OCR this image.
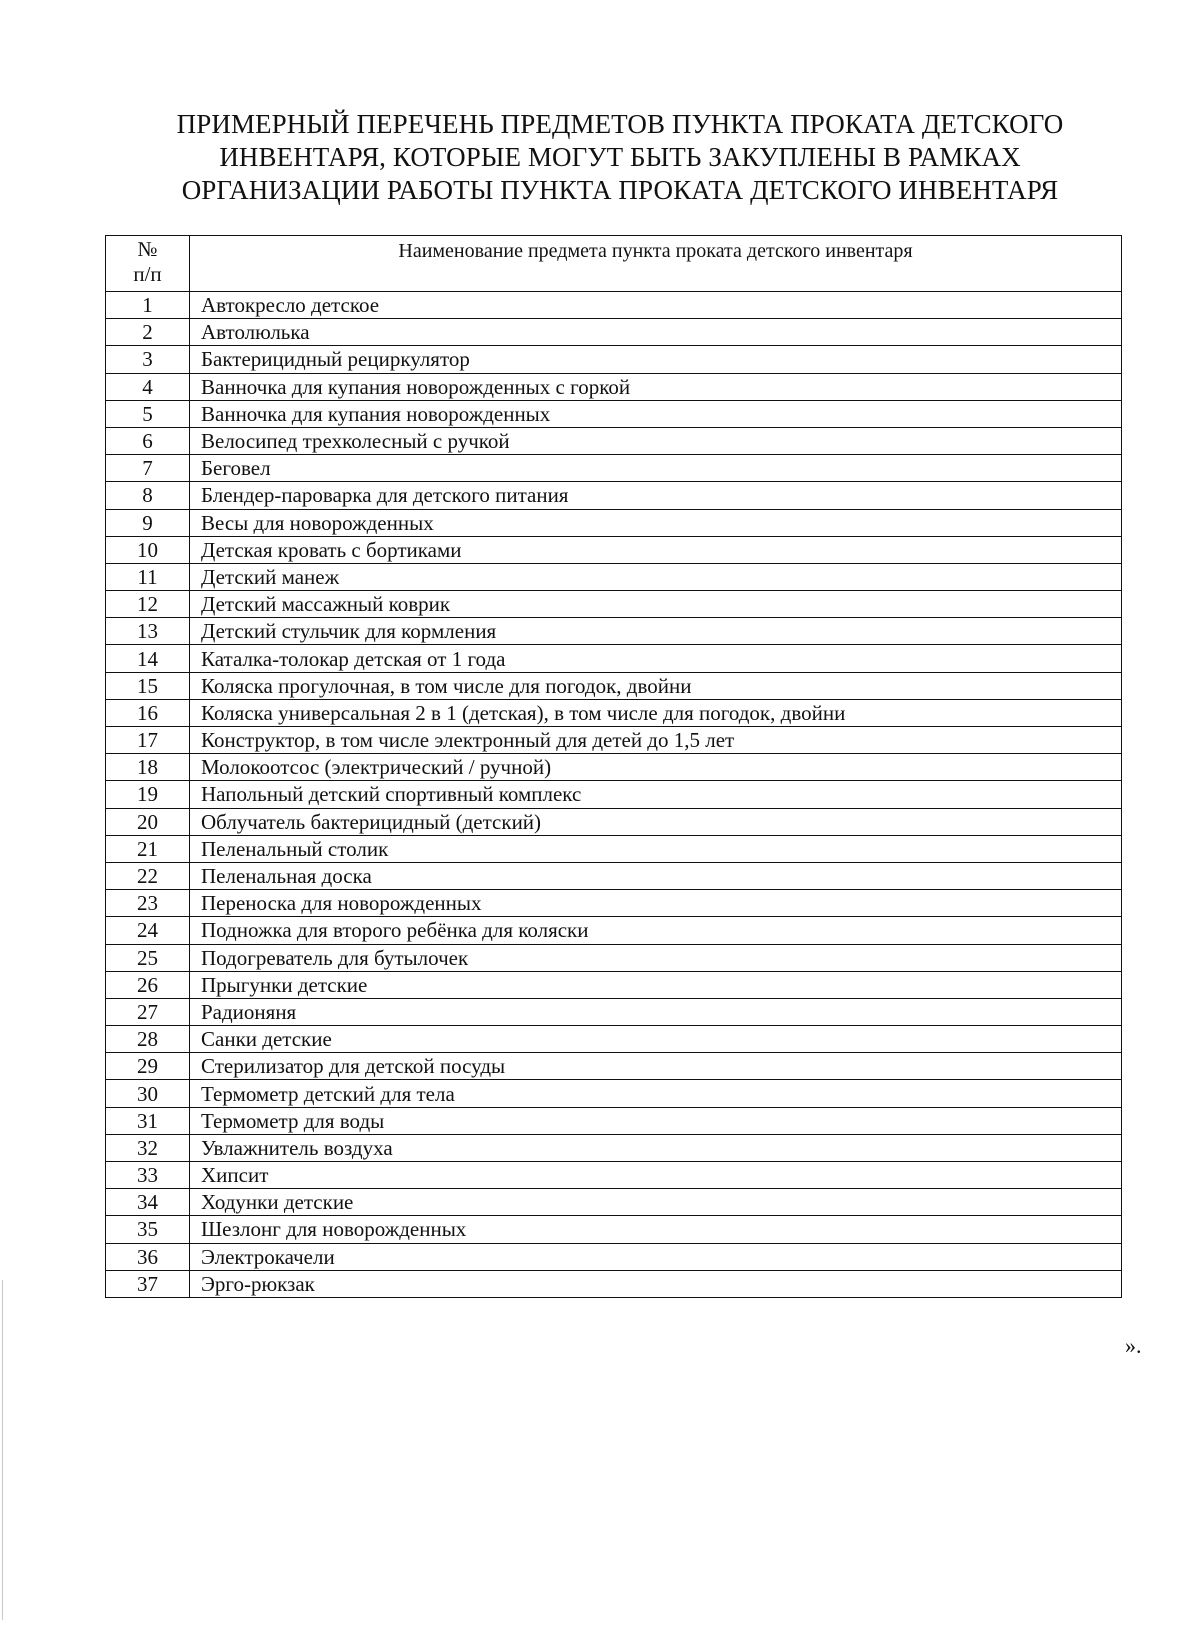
ПРИМЕРНЫЙ ПЕРЕЧЕНЬ ПРЕДМЕТОВ ПУНКТА ПРОКАТА ДЕТСКОГО
ИНВЕНТАРЯ, КОТОРЫЕ МОГУТ БЫТЬ ЗАКУПЛЕНЫ В РАМКАХ
ОРГАНИЗАЦИИ РАБОТЫ ПУНКТА ПРОКАТА ДЕТСКОГО ИНВЕНТАРЯ
№
п/п	Наименование предмета пункта проката детского инвентаря
1	Автокресло детское
2	Автолюлька
3	Бактерицидный рециркулятор
4	Ванночка для купания новорожденных с горкой
5	Ванночка для купания новорожденных
6	Велосипед трехколесный с ручкой
7	Беговел
8	Блендер-пароварка для детского питания
9	Весы для новорожденных
10	Детская кровать с бортиками
11	Детский манеж
12	Детский массажный коврик
13	Детский стульчик для кормления
14	Каталка-толокар детская от 1 года
15	Коляска прогулочная, в том числе для погодок, двойни
16	Коляска универсальная 2 в 1 (детская), в том числе для погодок, двойни
17	Конструктор, в том числе электронный для детей до 1,5 лет
18	Молокоотсос (электрический / ручной)
19	Напольный детский спортивный комплекс
20	Облучатель бактерицидный (детский)
21	Пеленальный столик
22	Пеленальная доска
23	Переноска для новорожденных
24	Подножка для второго ребёнка для коляски
25	Подогреватель для бутылочек
26	Прыгунки детские
27	Радионяня
28	Санки детские
29	Стерилизатор для детской посуды
30	Термометр детский для тела
31	Термометр для воды
32	Увлажнитель воздуха
33	Хипсит
34	Ходунки детские
35	Шезлонг для новорожденных
36	Электрокачели
37	Эрго-рюкзак
».
